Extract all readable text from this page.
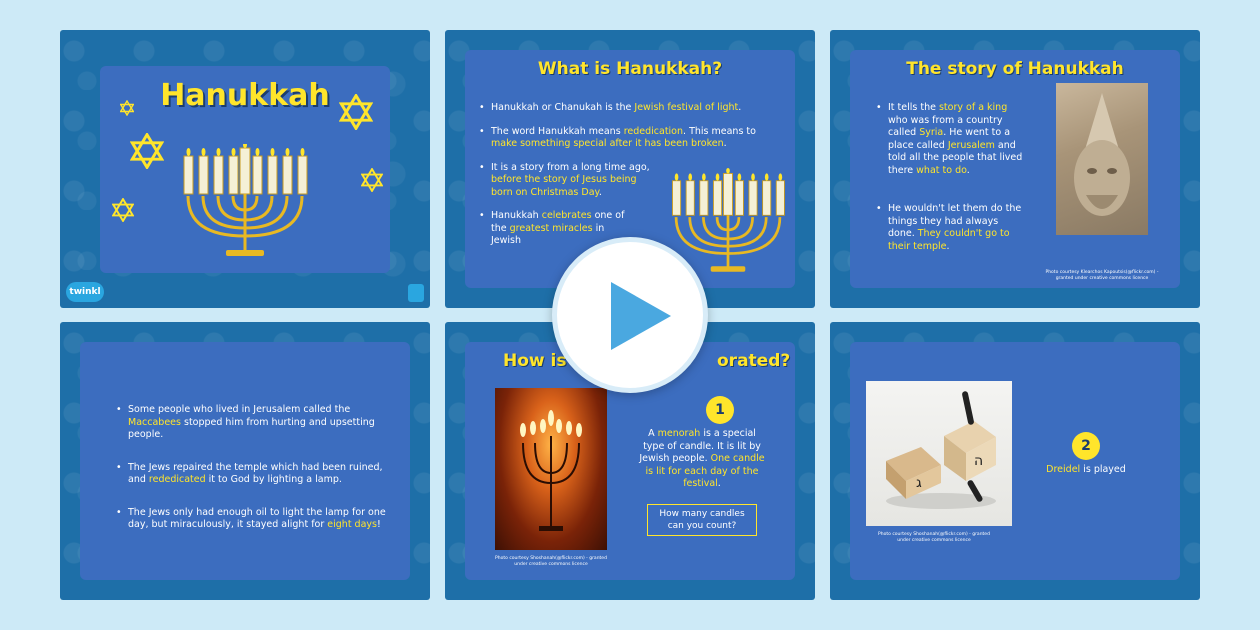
Hanukkah
twinkl
What is Hanukkah?
• Hanukkah or Chanukah is the Jewish festival of light.
• The word Hanukkah means rededication. This means to make something special after it has been broken.
• It is a story from a long time ago, before the story of Jesus being born on Christmas Day.
• Hanukkah celebrates one of the greatest miracles in Jewish
The story of Hanukkah
• It tells the story of a king who was from a country called Syria. He went to a place called Jerusalem and told all the people that lived there what to do.
• He wouldn't let them do the things they had always done. They couldn't go to their temple.
Photo courtesy Klearchos Kapoutsis(@flickr.com) - granted under creative commons licence
• Some people who lived in Jerusalem called the Maccabees stopped him from hurting and upsetting people.
• The Jews repaired the temple which had been ruined, and rededicated it to God by lighting a lamp.
• The Jews only had enough oil to light the lamp for one day, but miraculously, it stayed alight for eight days!
How is	orated?
Photo courtesy Shoshanah(@flickr.com) - granted under creative commons licence
1
A menorah is a special type of candle. It is lit by Jewish people. One candle is lit for each day of the festival.
How many candles can you count?
ג
ה
Photo courtesy Shoshanah(@flickr.com) - granted under creative commons licence
2
Dreidel is played
